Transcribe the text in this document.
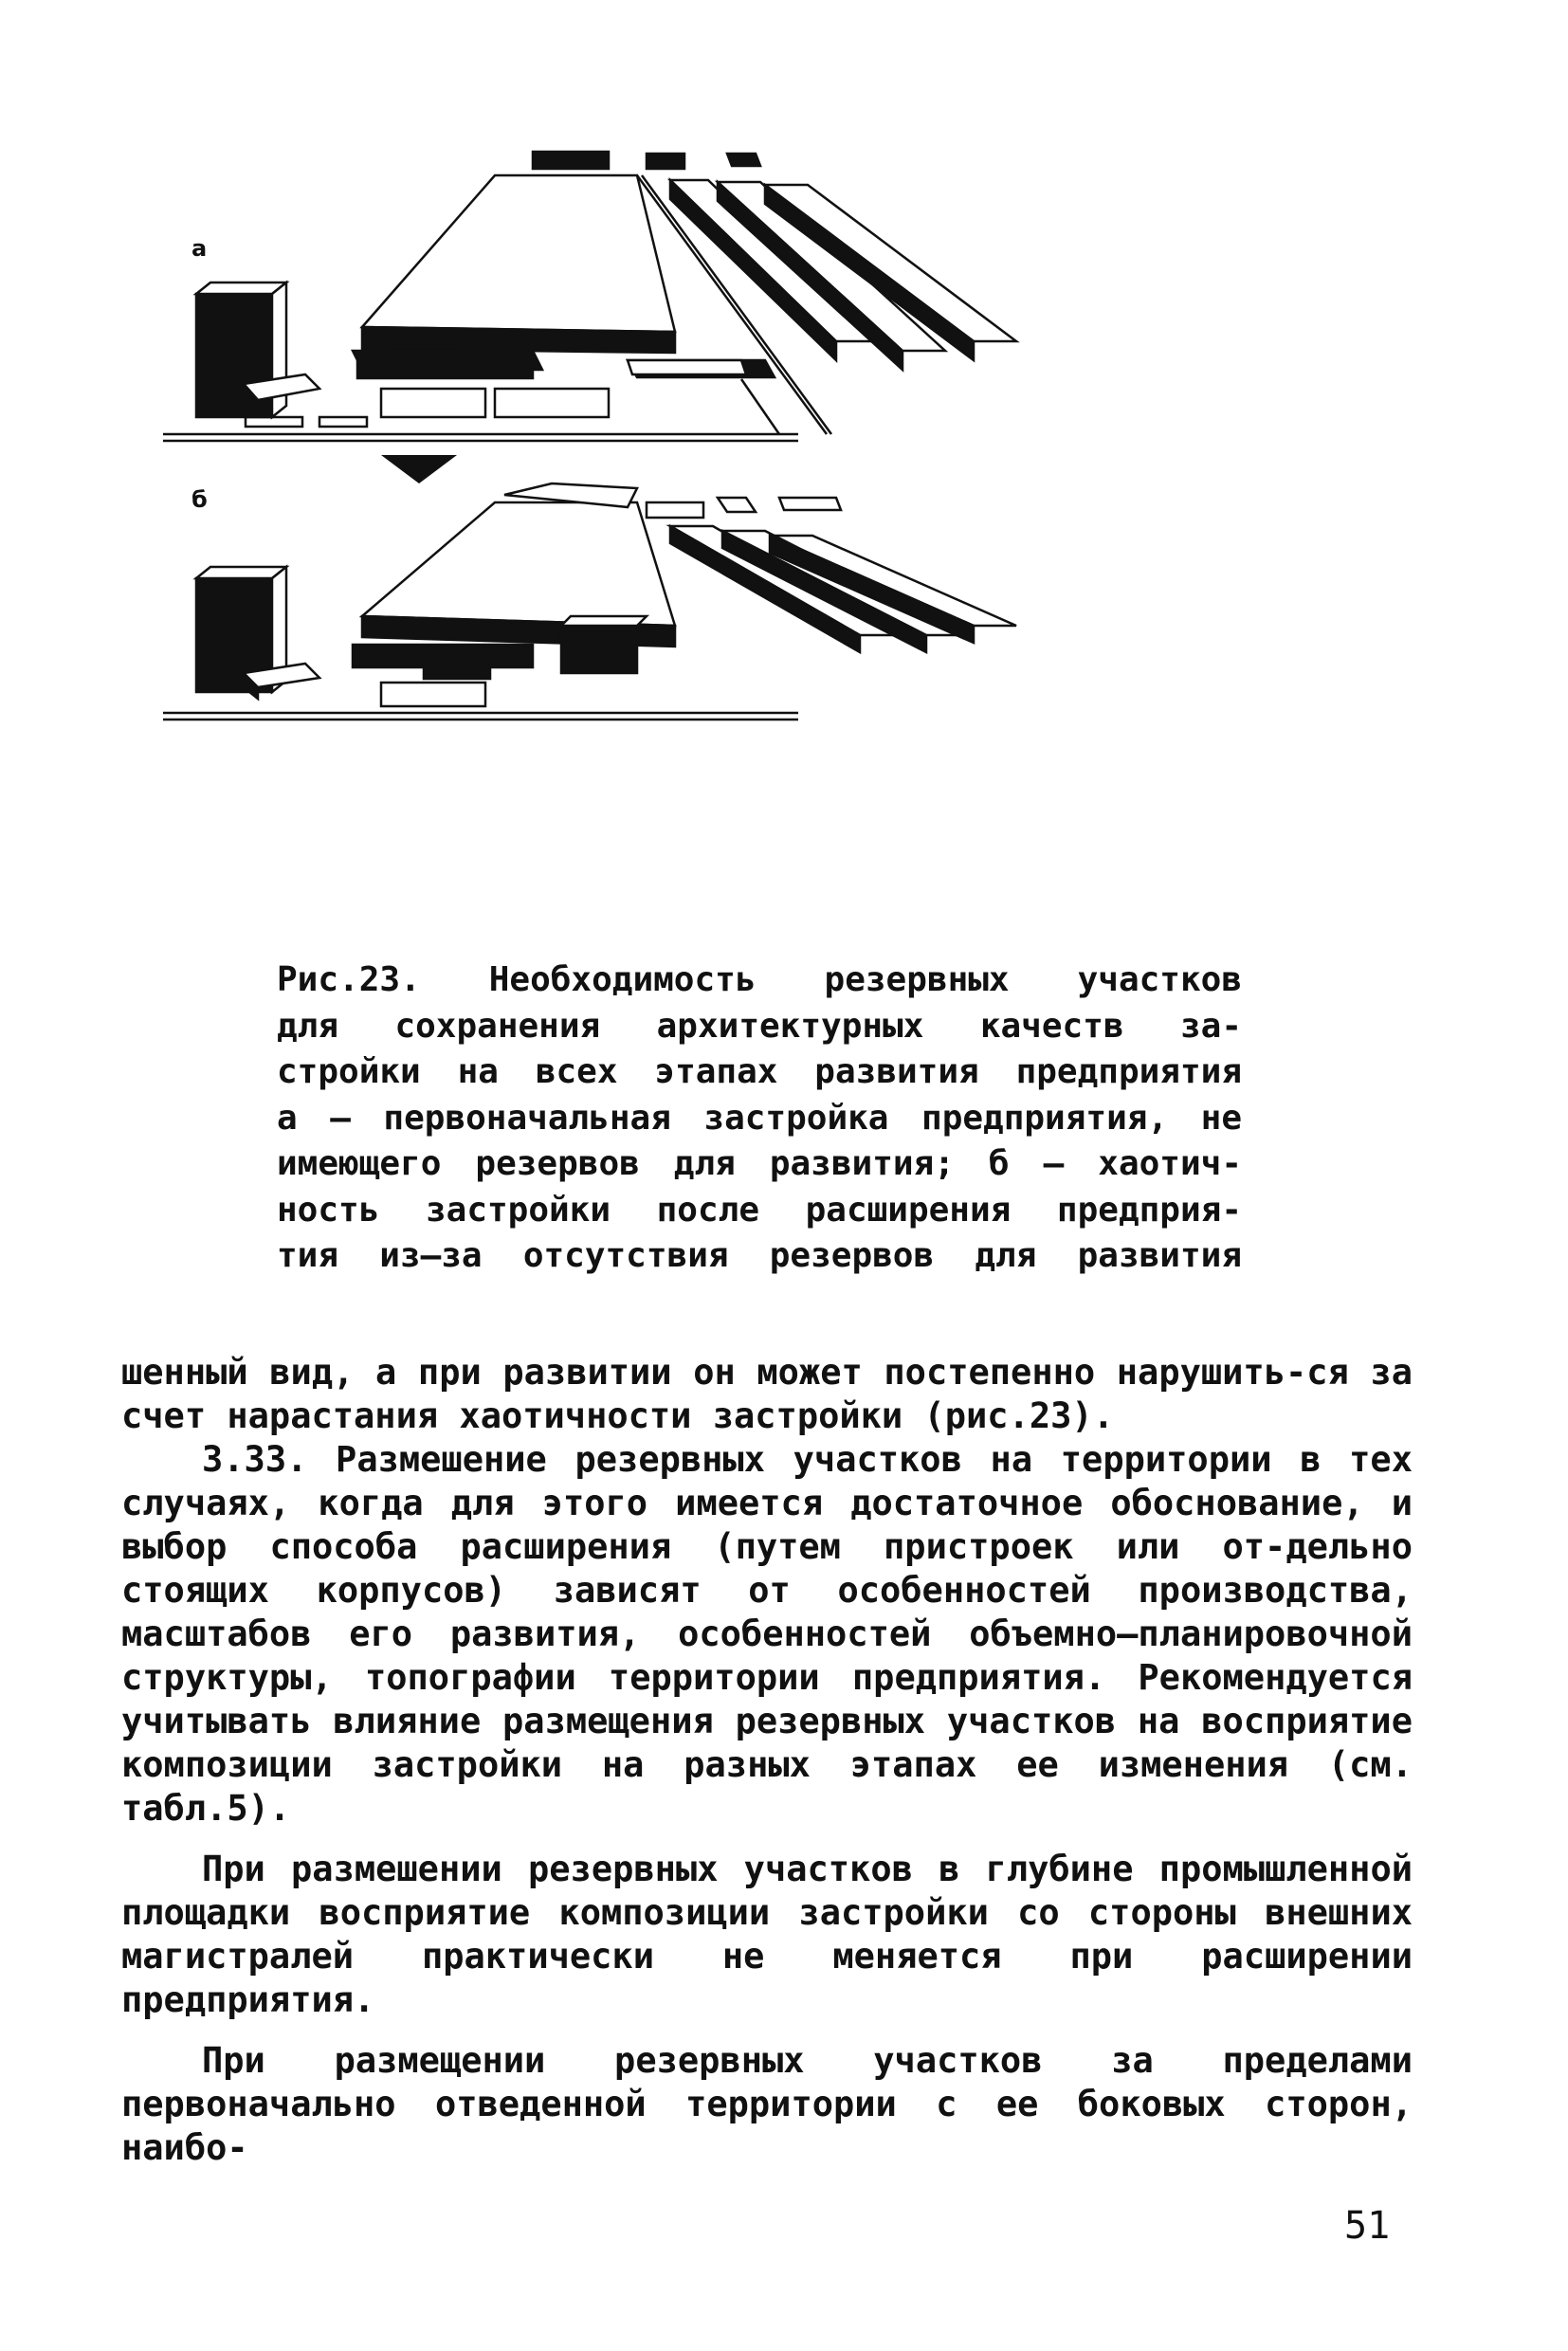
а
б
Рис.23. Необходимость резервных участков
для сохранения архитектурных качеств за-
стройки на всех этапах развития предприятия
а – первоначальная застройка предприятия, не
имеющего резервов для развития; б – хаотич-
ность застройки после расширения предприя-
тия из–за отсутствия резервов для развития

шенный вид, а при развитии он может постепенно нарушить-ся за счет нарастания хаотичности застройки (рис.23).

3.33. Размешение резервных участков на территории в тех случаях, когда для этого имеется достаточное обоснование, и выбор способа расширения (путем пристроек или от-дельно стоящих корпусов) зависят от особенностей производства, масштабов его развития, особенностей объемно–планировочной структуры, топографии территории предприятия. Рекомендуется учитывать влияние размещения резервных участков на восприятие композиции застройки на разных этапах ее изменения (см. табл.5).

При размешении резервных участков в глубине промышленной площадки восприятие композиции застройки со стороны внешних магистралей практически не меняется при расширении предприятия.

При размещении резервных участков за пределами первоначально отведенной территории с ее боковых сторон, наибо-

51
